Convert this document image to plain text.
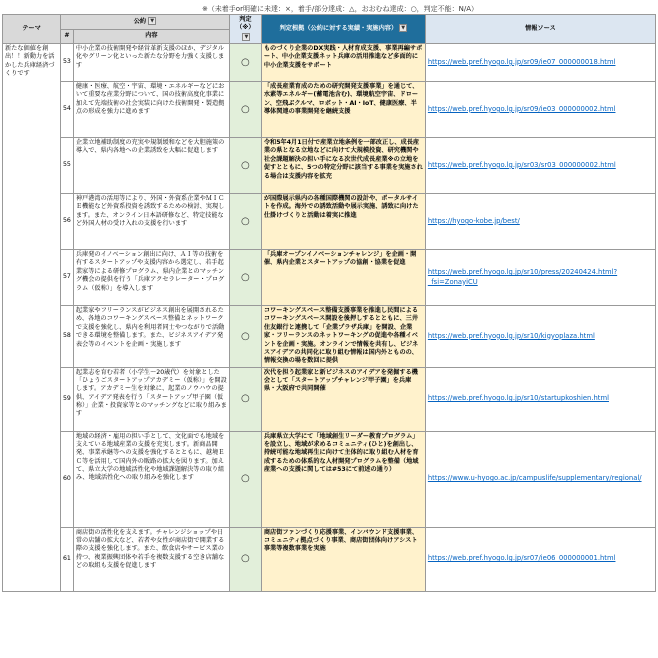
※（未着手or明確に未達：×，着手/部分達成：△，おおむね達成：○，判定不能：N/A）
テーマ	公約 ▼		判定（※）▼	判定根拠（公約に対する実績・実施内容） ▼	情報ソース
	#	内容			
新たな価値を創出！！新動力を活かした兵庫経済づくりです	53	中小企業の技術開発や経営革新支援のほか、デジタル化やグリーン化といった新たな分野を力強く支援します	○	ものづくり企業のDX実践・人材育成支援、事業再編サポート、中小企業支援ネット兵庫の活用推進など多面的に中小企業支援をサポート	https://web.pref.hyogo.lg.jp/sr09/ie07_000000018.html
	54	健康・医療、航空・宇宙、環境・エネルギーなどにおいて重要な産業分野について、国の技術高度化事業に加えて先端技術の社会実装に向けた技術開発・製造拠点の形成を強力に進めます	○	「成長産業育成のための研究開発支援事業」を通じて、水素等エネルギー(蓄電池含む)、環境航空宇宙、ドローン、空飛ぶクルマ、ロボット・AI・IoT、健康医療、半導体関連の事業開発を継続支援	https://web.pref.hyogo.lg.jp/sr09/ie03_000000002.html
	55	企業立地補助制度の充実や規制緩和などを大胆施策の導入で、県内各地への企業誘致を大幅に促進します	○	令和5年4月1日付で産業立地条例を一部改正し、成長産業の県となる立地などに向けて大規模投資、研究機関や社会課題解決の担い手になる次世代成長産業※の立地を促すとともに、5つの特定分野に該当する事業を実施される場合は支援内容を拡充	https://web.pref.hyogo.lg.jp/sr03/sr03_000000002.html
	56	神戸港湾の活用等により、外国・外資系企業やＭＩＣＥ機能など外資系投資を誘致するための検討、実現します。また、オンライン日本語研修など、特定技能など外国人材の受け入れの支援を行います	○	が国際展示県内の各種国際機関の設計や、ポータルサイトを作成。海外での誘致活動や展示実施、誘致に向けた仕掛けづくりと活動は着実に推進	https://hyogo-kobe.jp/best/
	57	兵庫発のイノベーション創出に向け、ＡＩ等の技術を有するスタートアップや支援内容から選定し、若手起業家等による研修プログラム、県内企業とのマッチング機会の提供を行う「兵庫アクセラレーター・プログラム（仮称）」を導入します	○	「兵庫オープンイノベーションチャレンジ」を企画・開催、県内企業とスタートアップの協創・協業を促進	https://web.pref.hyogo.lg.jp/sr10/press/20240424.html?_fsi=ZonayiCU
	58	起業家やフリーランスがビジネス創出を展開されるため、各地のコワーキングスペース整備とネットワークで支援を強化し、県内を利用者同士やつながりで活動できる環境を整備します。また、ビジネスアイデア発表会等のイベントを企画・実施します	○	コワーキングスペース整備支援事業を推進し民間によるコワーキングスペース開設を後押しするとともに、三井住友銀行と連携して「企業プラザ兵庫」を開設、企業家・フリーランスのネットワーキングの促進や各種イベントを企画・実施。オンラインで情報を共有し、ビジネスアイデアの共同化に取り組む情報は国内外とものの、情報交換の場を数回に提供	https://web.pref.hyogo.lg.jp/sr10/kigyoplaza.html
	59	起業志を育む若者（小学生〜20歳代）を対象とした「ひょうごスタートアップアカデミー（仮称）」を開設します。アカデミー生を対象に、起業のノウハウの提供、アイデア発表を行う「スタートアップ甲子園（仮称）」企業・投資家等とのマッチングなどに取り組みます	○	次代を担う起業家と新ビジネスのアイデアを発掘する機会として「スタートアップチャレンジ甲子園」を兵庫県・大阪府で共同開催	https://web.pref.hyogo.lg.jp/sr10/startupkoshien.html
	60	地域の経済・雇用の担い手として、文化面でも地域を支えている地域産業の支援を充実します。新商品開発、事業承継等への支援を強化するとともに、越境ＥＣ等を活用して国内外の販路の拡大を図ります。加えて、県立大学の地域活性化や地域課題解決等の取り組み、地域活性化への取り組みを強化します	○	兵庫県立大学にて「地域創生リーダー教育プログラム」を設立し、地域が求めるコミュニティ(ひと)を創出し、持続可能な地域再生に向けて主体的に取り組む人材を育成するための体系的な人材開発プログラムを整備（地域産業への支援に関しては#53にて前述の通り）	https://www.u-hyogo.ac.jp/campuslife/supplementary/regional/
	61	商店街の活性化を支えます。チャレンジショップや日常の店舗の拡大など、若者や女性が商店街で開業する際の支援を強化します。また、飲食店やサービス業の持つ、複業振興団体や若手を複数支援する空き店舗などの取組も支援を促進します	○	商店街ファンづくり応援事業、インバウンド支援事業、コミュニティ拠点づくり事業、商店街団体向けアシスト事業等複数事業を実施	https://web.pref.hyogo.lg.jp/sr07/ie06_000000001.html
